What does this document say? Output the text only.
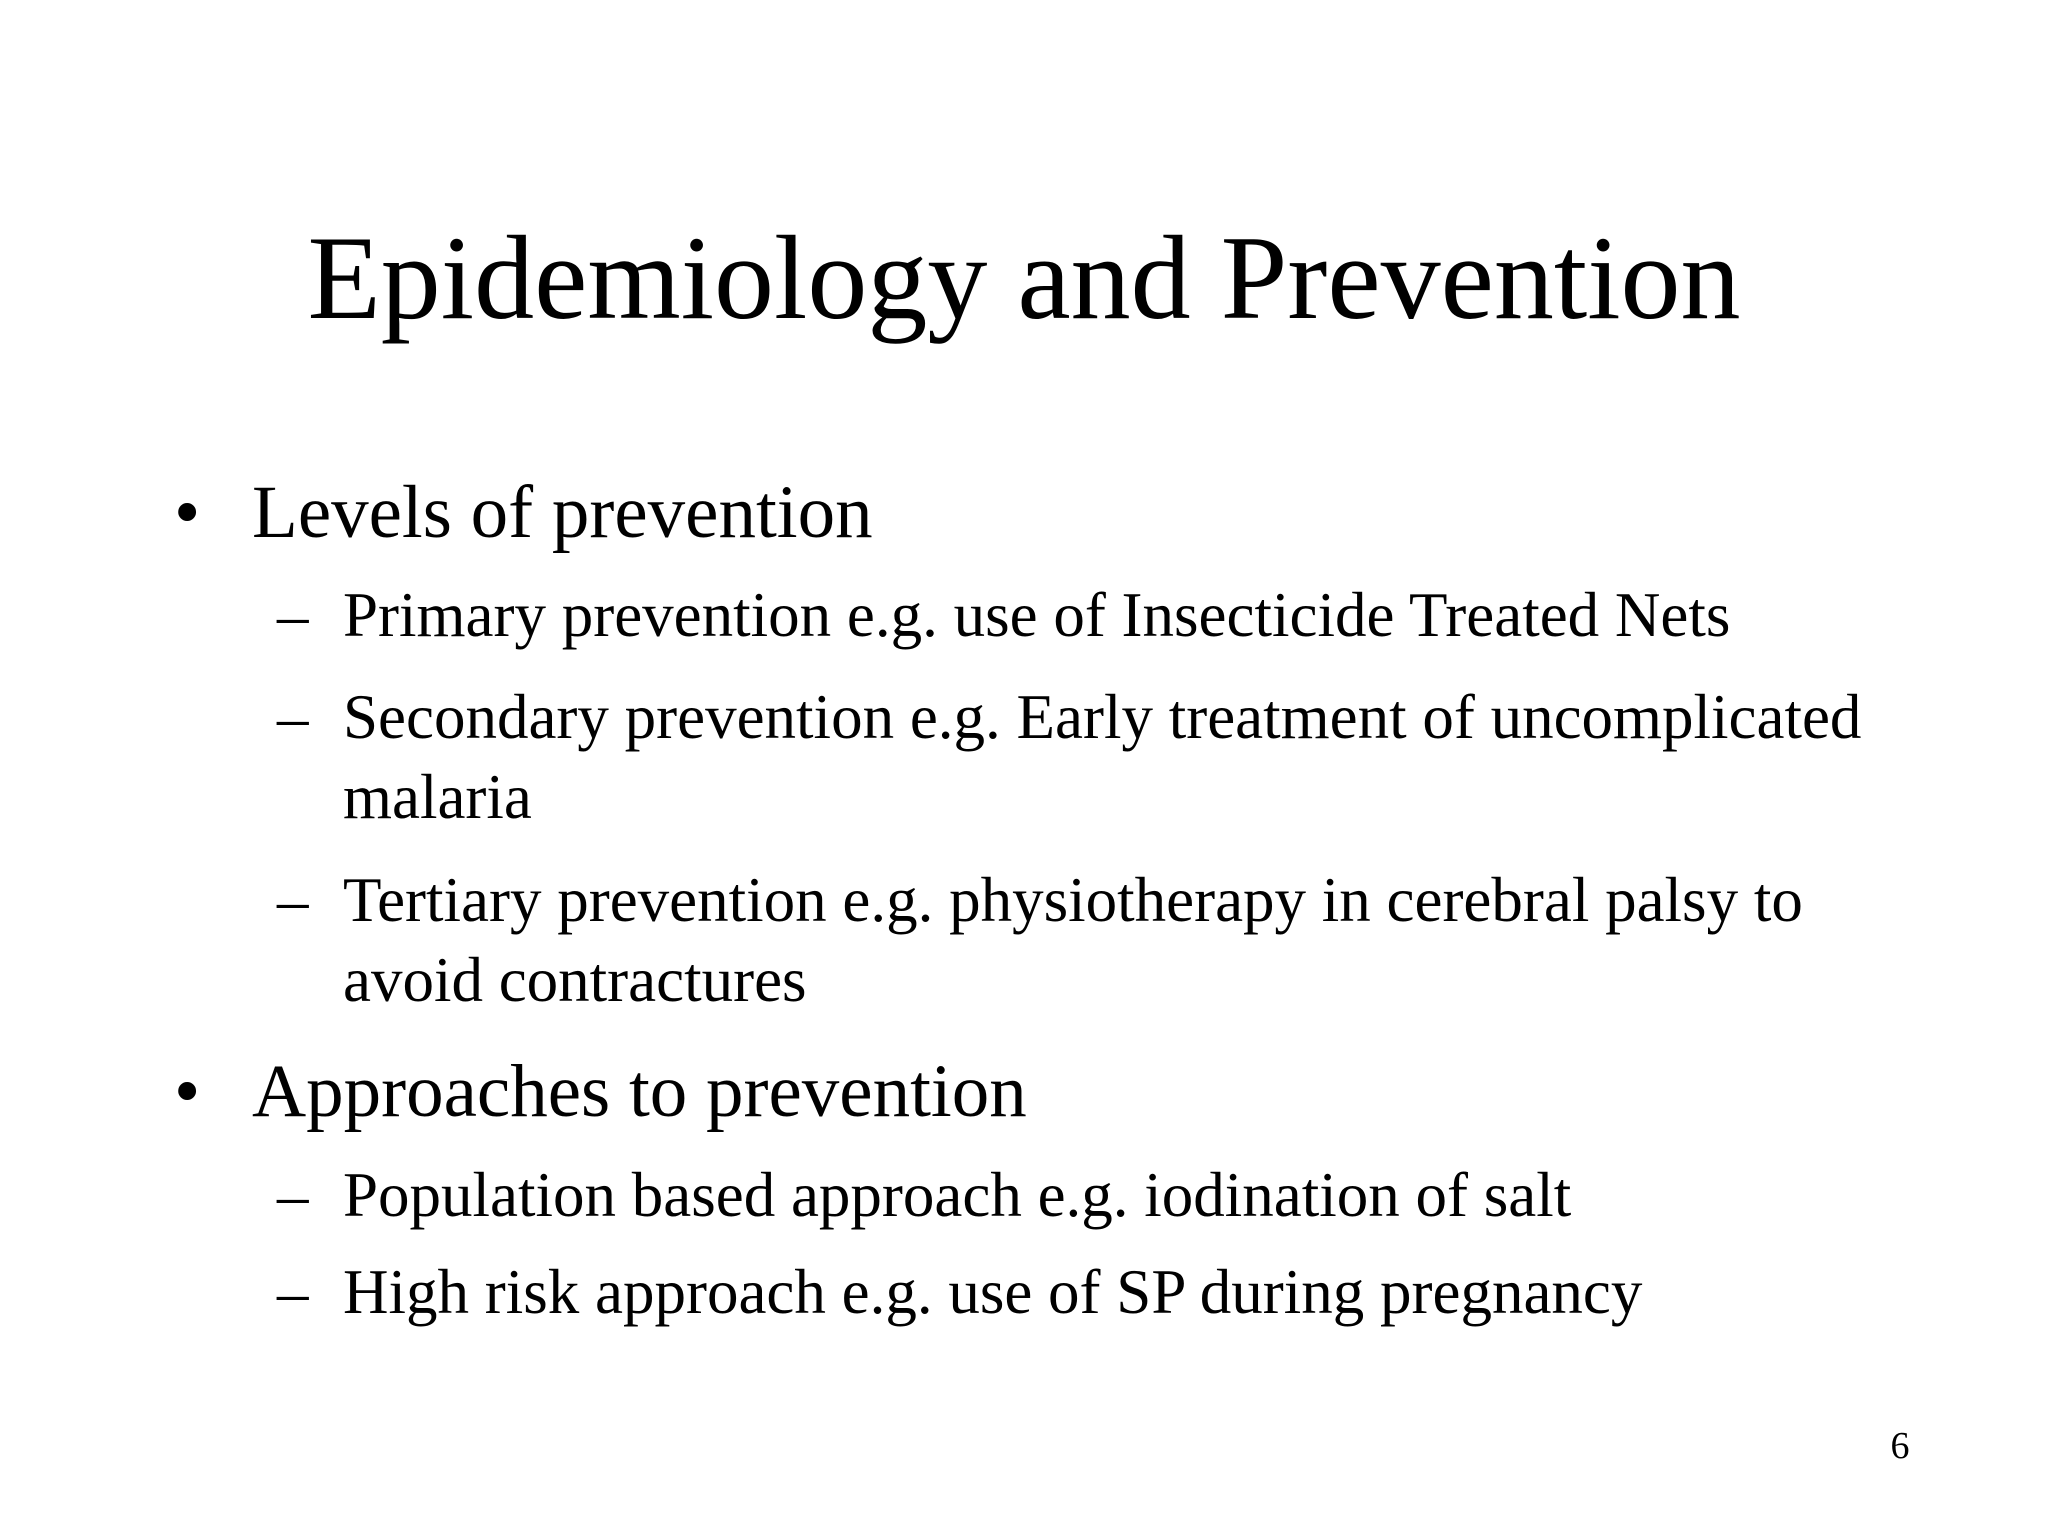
Epidemiology and Prevention
• Levels of prevention
– Primary prevention e.g. use of Insecticide Treated Nets
– Secondary prevention e.g. Early treatment of uncomplicated malaria
– Tertiary prevention e.g. physiotherapy in cerebral palsy to avoid contractures
• Approaches to prevention
– Population based approach e.g. iodination of salt
– High risk approach e.g. use of SP during pregnancy
6
